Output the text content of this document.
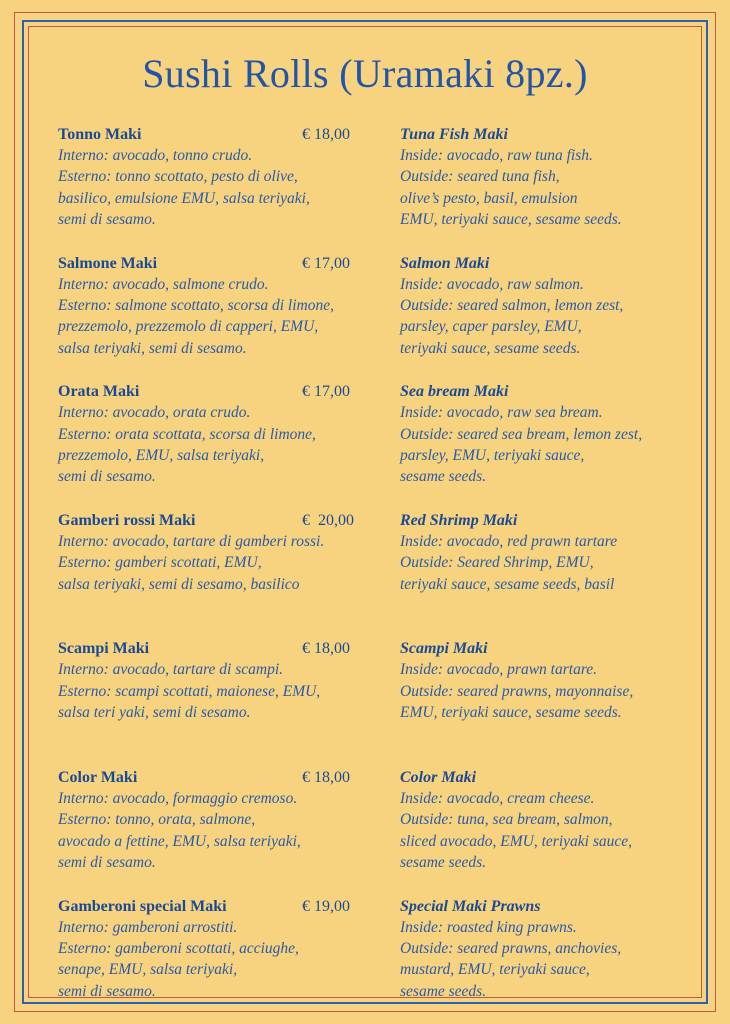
Sushi Rolls (Uramaki 8pz.)
Tonno Maki	€ 18,00
Interno: avocado, tonno crudo.
Esterno: tonno scottato, pesto di olive,
basilico, emulsione EMU, salsa teriyaki,
semi di sesamo.
Salmone Maki	€ 17,00
Interno: avocado, salmone crudo.
Esterno: salmone scottato, scorsa di limone,
prezzemolo, prezzemolo di capperi, EMU,
salsa teriyaki, semi di sesamo.
Orata Maki	€ 17,00
Interno: avocado, orata crudo.
Esterno: orata scottata, scorsa di limone,
prezzemolo, EMU, salsa teriyaki,
semi di sesamo.
Gamberi rossi Maki	€  20,00
Interno: avocado, tartare di gamberi rossi.
Esterno: gamberi scottati, EMU,
salsa teriyaki, semi di sesamo, basilico
Scampi Maki	€ 18,00
Interno: avocado, tartare di scampi.
Esterno: scampi scottati, maionese, EMU,
salsa teri yaki, semi di sesamo.
Color Maki	€ 18,00
Interno: avocado, formaggio cremoso.
Esterno: tonno, orata, salmone,
avocado a fettine, EMU, salsa teriyaki,
semi di sesamo.
Gamberoni special Maki	€ 19,00
Interno: gamberoni arrostiti.
Esterno: gamberoni scottati, acciughe,
senape, EMU, salsa teriyaki,
semi di sesamo.
Tuna Fish Maki
Inside: avocado, raw tuna fish.
Outside: seared tuna fish,
olive’s pesto, basil, emulsion
EMU, teriyaki sauce, sesame seeds.
Salmon Maki
Inside: avocado, raw salmon.
Outside: seared salmon, lemon zest,
parsley, caper parsley, EMU,
teriyaki sauce, sesame seeds.
Sea bream Maki
Inside: avocado, raw sea bream.
Outside: seared sea bream, lemon zest,
parsley, EMU, teriyaki sauce,
sesame seeds.
Red Shrimp Maki
Inside: avocado, red prawn tartare
Outside: Seared Shrimp, EMU,
teriyaki sauce, sesame seeds, basil
Scampi Maki
Inside: avocado, prawn tartare.
Outside: seared prawns, mayonnaise,
EMU, teriyaki sauce, sesame seeds.
Color Maki
Inside: avocado, cream cheese.
Outside: tuna, sea bream, salmon,
sliced avocado, EMU, teriyaki sauce,
sesame seeds.
Special Maki Prawns
Inside: roasted king prawns.
Outside: seared prawns, anchovies,
mustard, EMU, teriyaki sauce,
sesame seeds.
